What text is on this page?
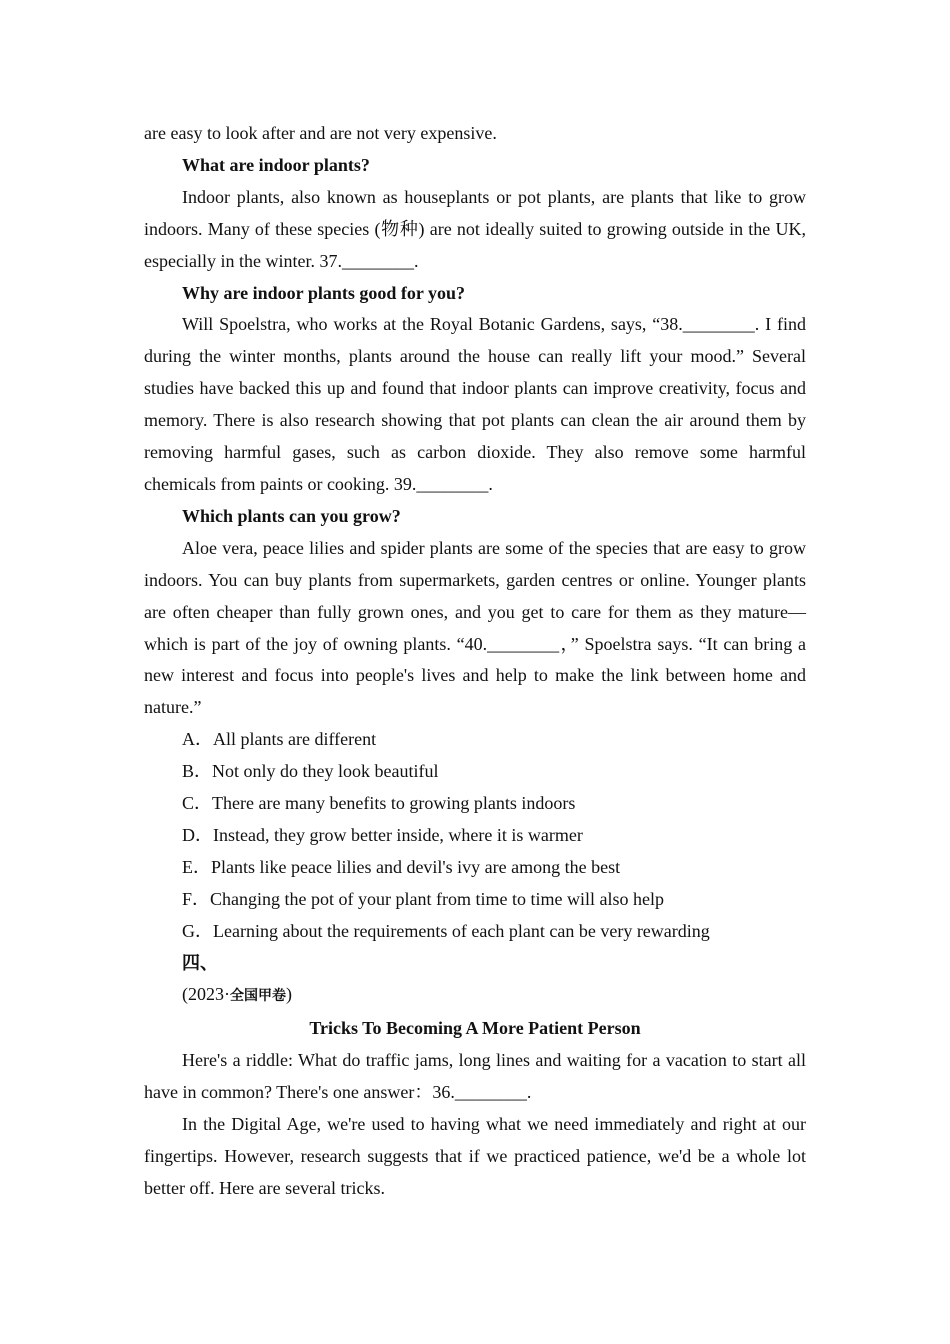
are easy to look after and are not very expensive.

What are indoor plants?

Indoor plants, also known as houseplants or pot plants, are plants that like to grow indoors. Many of these species (物种) are not ideally suited to growing outside in the UK, especially in the winter. 37.________.

Why are indoor plants good for you?

Will Spoelstra, who works at the Royal Botanic Gardens, says, “38.________. I find during the winter months, plants around the house can really lift your mood.” Several studies have backed this up and found that indoor plants can improve creativity, focus and memory. There is also research showing that pot plants can clean the air around them by removing harmful gases, such as carbon dioxide. They also remove some harmful chemicals from paints or cooking. 39.________.

Which plants can you grow?

Aloe vera, peace lilies and spider plants are some of the species that are easy to grow indoors. You can buy plants from supermarkets, garden centres or online. Younger plants are often cheaper than fully grown ones, and you get to care for them as they mature—which is part of the joy of owning plants. “40.________，” Spoelstra says. “It can bring a new interest and focus into people's lives and help to make the link between home and nature.”

A．All plants are different

B．Not only do they look beautiful

C．There are many benefits to growing plants indoors

D．Instead, they grow better inside, where it is warmer

E．Plants like peace lilies and devil's ivy are among the best

F．Changing the pot of your plant from time to time will also help

G．Learning about the requirements of each plant can be very rewarding

四、

(2023·全国甲卷)

Tricks To Becoming A More Patient Person

Here's a riddle: What do traffic jams, long lines and waiting for a vacation to start all have in common? There's one answer：36.________.

In the Digital Age, we're used to having what we need immediately and right at our fingertips. However, research suggests that if we practiced patience, we'd be a whole lot better off. Here are several tricks.
